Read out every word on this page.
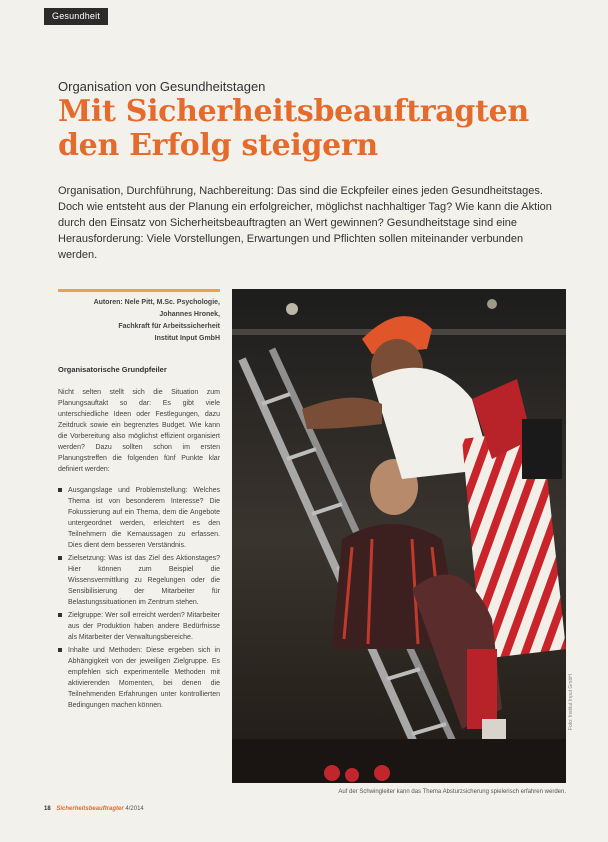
Gesundheit
Organisation von Gesundheitstagen
Mit Sicherheitsbeauftragten
den Erfolg steigern
Organisation, Durchführung, Nachbereitung: Das sind die Eckpfeiler eines jeden Gesundheitstages. Doch wie entsteht aus der Planung ein erfolgreicher, möglichst nachhaltiger Tag? Wie kann die Aktion durch den Einsatz von Sicherheitsbeauftragten an Wert gewinnen? Gesundheitstage sind eine Herausforderung: Viele Vorstellungen, Erwartungen und Pflichten sollen miteinander verbunden werden.
Autoren: Nele Pitt, M.Sc. Psychologie,
Johannes Hronek,
Fachkraft für Arbeitssicherheit
Institut Input GmbH
Organisatorische Grundpfeiler

Nicht selten stellt sich die Situation zum Planungsauftakt so dar: Es gibt viele unterschiedliche Ideen oder Festlegungen, dazu Zeitdruck sowie ein begrenztes Budget. Wie kann die Vorbereitung also möglichst effizient organisiert werden? Dazu sollten schon im ersten Planungstreffen die folgenden fünf Punkte klar definiert werden:

Ausgangslage und Problemstellung: Welches Thema ist von besonderem Interesse? Die Fokussierung auf ein Thema, dem die Angebote untergeordnet werden, erleichtert es den Teilnehmern die Kernaussagen zu erfassen. Dies dient dem besseren Verständnis.
Zielsetzung: Was ist das Ziel des Aktionstages? Hier können zum Beispiel die Wissensvermittlung zu Regelungen oder die Sensibilisierung der Mitarbeiter für Belastungssituationen im Zentrum stehen.
Zielgruppe: Wer soll erreicht werden? Mitarbeiter aus der Produktion haben andere Bedürfnisse als Mitarbeiter der Verwaltungsbereiche.
Inhalte und Methoden: Diese ergeben sich in Abhängigkeit von der jeweiligen Zielgruppe. Es empfehlen sich experimentelle Methoden mit aktivierenden Momenten, bei denen die Teilnehmenden Erfahrungen unter kontrollierten Bedingungen machen können.	Foto: Institut Input GmbH
Auf der Schwingleiter kann das Thema Absturzsicherung spielerisch erfahren werden.
18 Sicherheitsbeauftragter 4/2014
